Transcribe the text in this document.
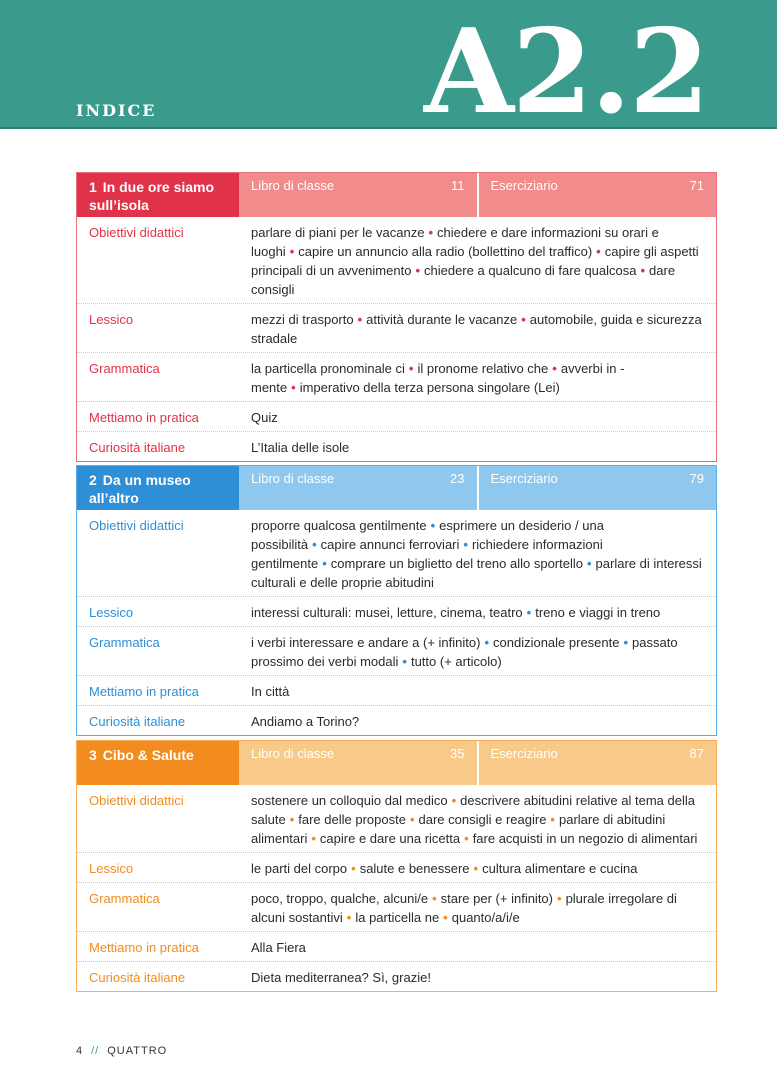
INDICE A2.2
1 In due ore siamo sull’isola
Libro di classe	11 Eserciziario	71
Obiettivi didattici	parlare di piani per le vacanze • chiedere e dare informazioni su orari e luoghi • capire un annuncio alla radio (bollettino del traffico) • capire gli aspetti principali di un avvenimento • chiedere a qualcuno di fare qualcosa • dare consigli
Lessico	mezzi di trasporto • attività durante le vacanze • automobile, guida e sicurezza stradale
Grammatica	la particella pronominale ci • il pronome relativo che • avverbi in -mente • imperativo della terza persona singolare (Lei)
Mettiamo in pratica	Quiz
Curiosità italiane	L’Italia delle isole
2 Da un museo all’altro
Libro di classe	23 Eserciziario	79
Obiettivi didattici	proporre qualcosa gentilmente • esprimere un desiderio / una possibilità • capire annunci ferroviari • richiedere informazioni gentilmente • comprare un biglietto del treno allo sportello • parlare di interessi culturali e delle proprie abitudini
Lessico	interessi culturali: musei, letture, cinema, teatro • treno e viaggi in treno
Grammatica	i verbi interessare e andare a (+ infinito) • condizionale presente • passato prossimo dei verbi modali • tutto (+ articolo)
Mettiamo in pratica	In città
Curiosità italiane	Andiamo a Torino?
3 Cibo & Salute	Libro di classe	35 Eserciziario	87
Obiettivi didattici	sostenere un colloquio dal medico • descrivere abitudini relative al tema della salute • fare delle proposte • dare consigli e reagire • parlare di abitudini alimentari • capire e dare una ricetta • fare acquisti in un negozio di alimentari
Lessico	le parti del corpo • salute e benessere • cultura alimentare e cucina
Grammatica	poco, troppo, qualche, alcuni/e • stare per (+ infinito) • plurale irregolare di alcuni sostantivi • la particella ne • quanto/a/i/e
Mettiamo in pratica	Alla Fiera
Curiosità italiane	Dieta mediterranea? Sì, grazie!
4 // QUATTRO
